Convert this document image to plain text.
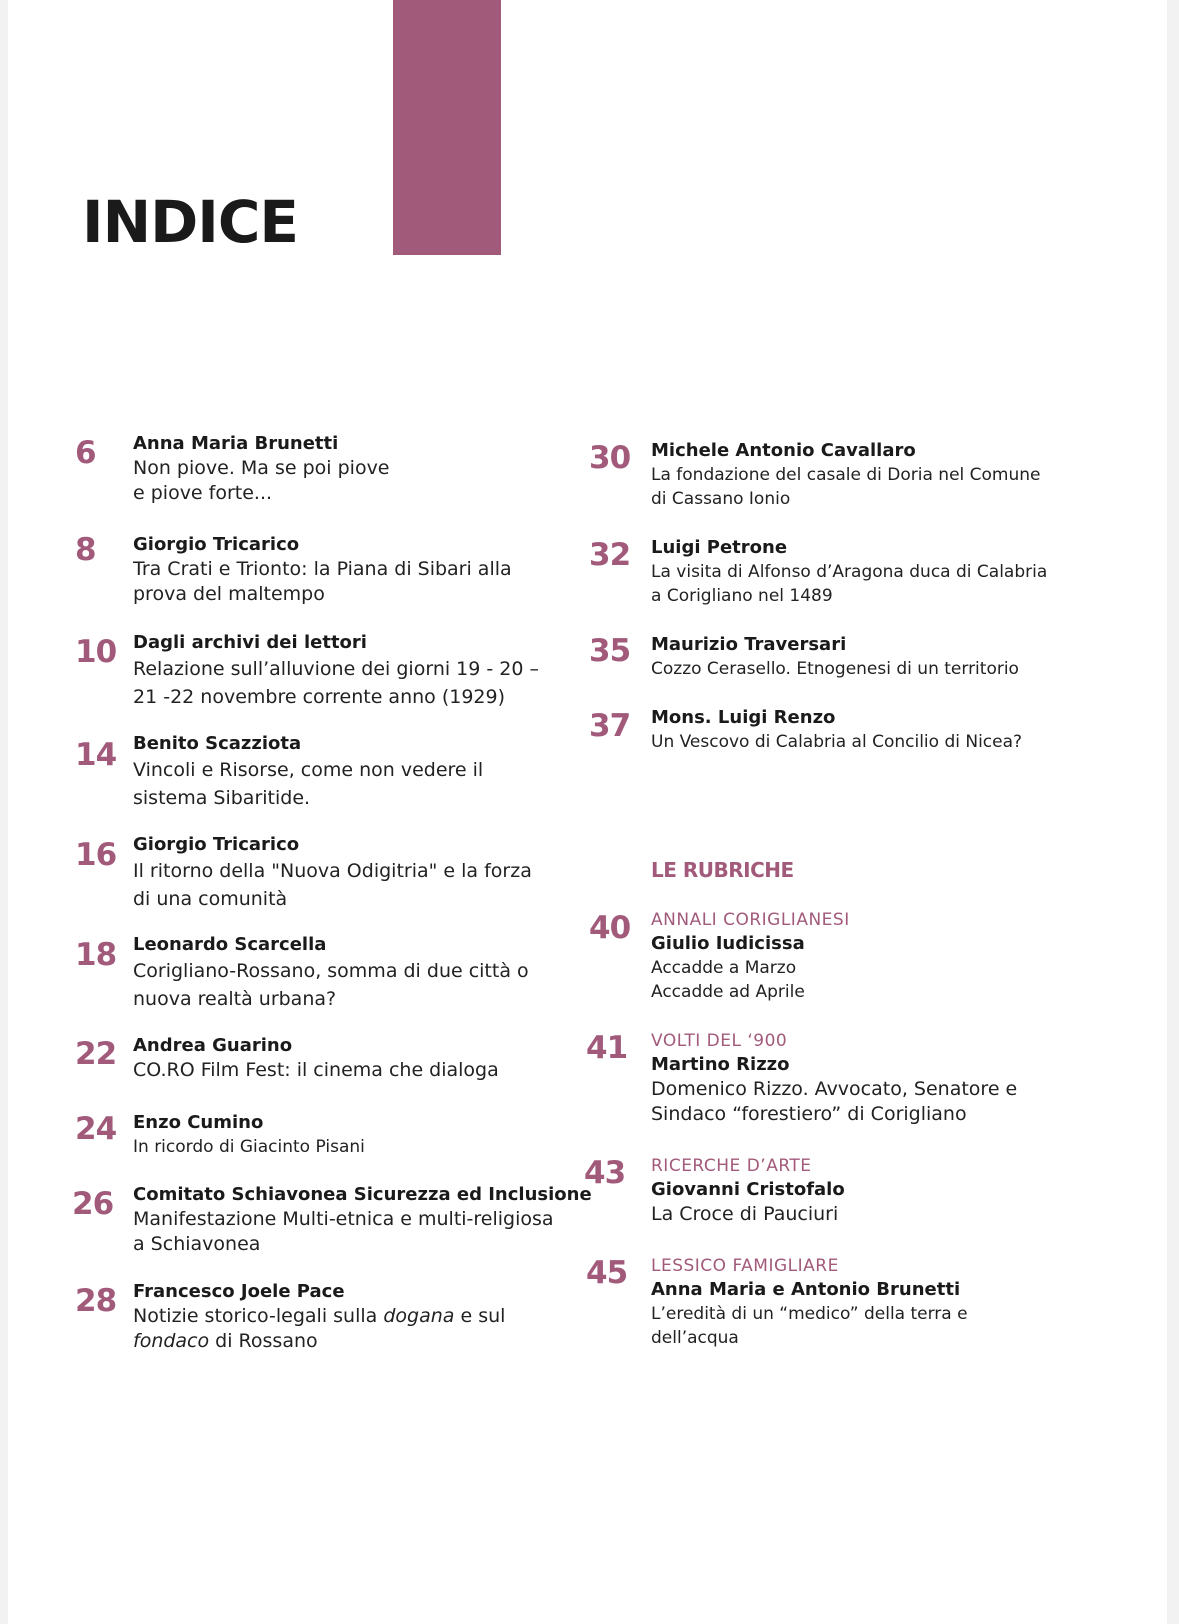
INDICE
6 Anna Maria Brunetti
Non piove. Ma se poi piove
e piove forte...
8 Giorgio Tricarico
Tra Crati e Trionto: la Piana di Sibari alla
prova del maltempo
10 Dagli archivi dei lettori
Relazione sull’alluvione dei giorni 19 - 20 –
21 -22 novembre corrente anno (1929)
14 Benito Scazziota
Vincoli e Risorse, come non vedere il
sistema Sibaritide.
16 Giorgio Tricarico
Il ritorno della "Nuova Odigitria" e la forza
di una comunità
18 Leonardo Scarcella
Corigliano-Rossano, somma di due città o
nuova realtà urbana?
22 Andrea Guarino
CO.RO Film Fest: il cinema che dialoga
24 Enzo Cumino
In ricordo di Giacinto Pisani
26 Comitato Schiavonea Sicurezza ed Inclusione
Manifestazione Multi-etnica e multi-religiosa
a Schiavonea
28 Francesco Joele Pace
Notizie storico-legali sulla dogana e sul
fondaco di Rossano
30 Michele Antonio Cavallaro
La fondazione del casale di Doria nel Comune
di Cassano Ionio
32 Luigi Petrone
La visita di Alfonso d’Aragona duca di Calabria
a Corigliano nel 1489
35 Maurizio Traversari
Cozzo Cerasello. Etnogenesi di un territorio
37 Mons. Luigi Renzo
Un Vescovo di Calabria al Concilio di Nicea?
LE RUBRICHE
40 ANNALI CORIGLIANESI
Giulio Iudicissa
Accadde a Marzo
Accadde ad Aprile
41 VOLTI DEL ‘900
Martino Rizzo
Domenico Rizzo. Avvocato, Senatore e
Sindaco “forestiero” di Corigliano
43 RICERCHE D’ARTE
Giovanni Cristofalo
La Croce di Pauciuri
45 LESSICO FAMIGLIARE
Anna Maria e Antonio Brunetti
L’eredità di un “medico” della terra e
dell’acqua
